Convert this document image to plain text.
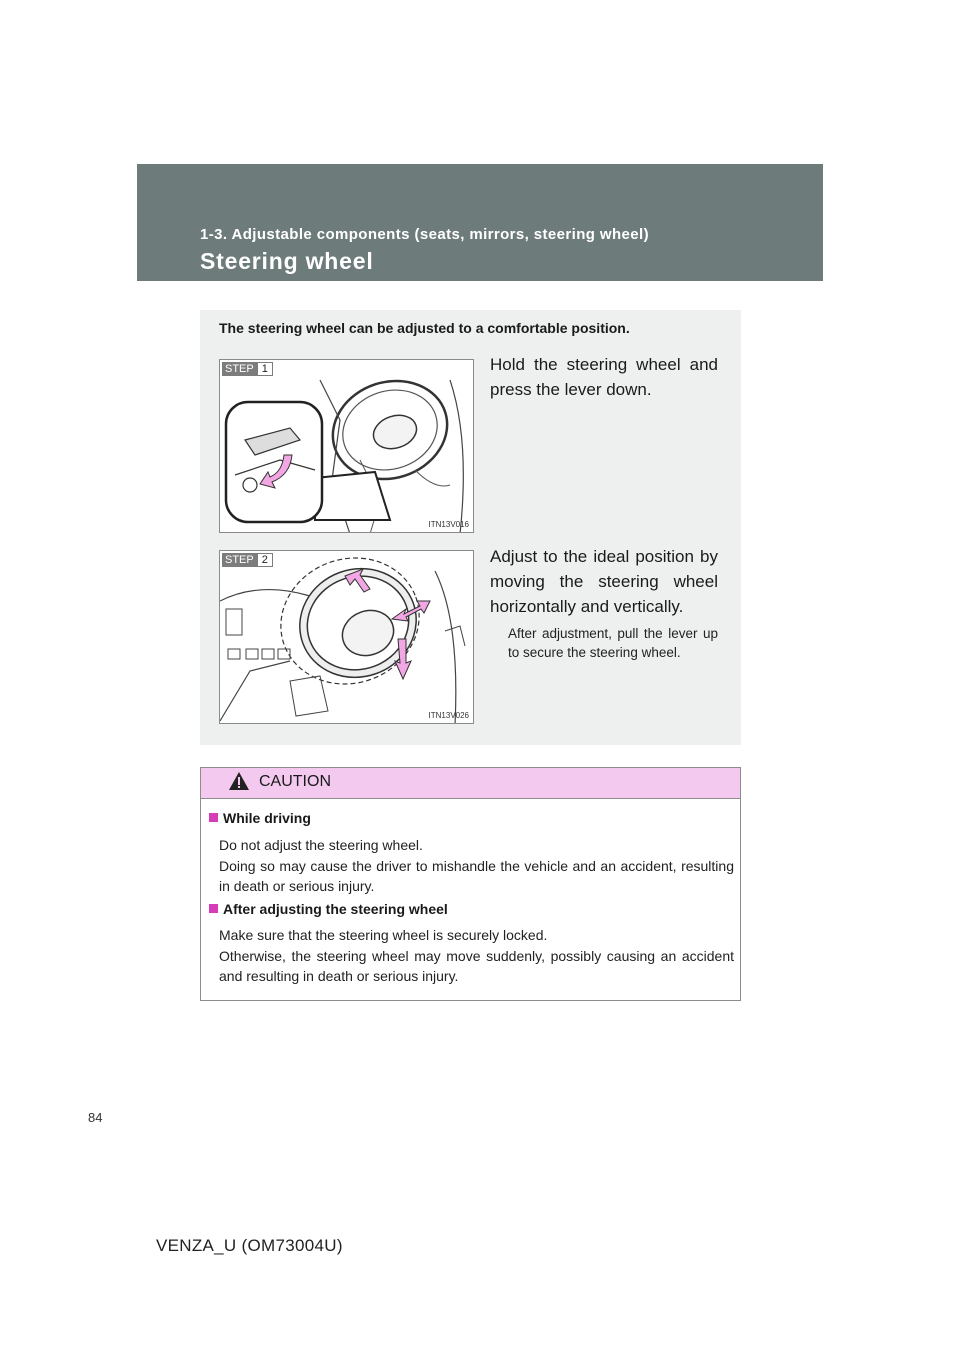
1-3. Adjustable components (seats, mirrors, steering wheel)
Steering wheel
The steering wheel can be adjusted to a comfortable position.
STEP 1
ITN13V016
Hold the steering wheel and press the lever down.
STEP 2
ITN13V026
Adjust to the ideal position by moving the steering wheel horizontally and vertically.
After adjustment, pull the lever up to secure the steering wheel.
CAUTION
While driving
Do not adjust the steering wheel.
Doing so may cause the driver to mishandle the vehicle and an accident, resulting in death or serious injury.
After adjusting the steering wheel
Make sure that the steering wheel is securely locked.
Otherwise, the steering wheel may move suddenly, possibly causing an accident and resulting in death or serious injury.
84
VENZA_U (OM73004U)
